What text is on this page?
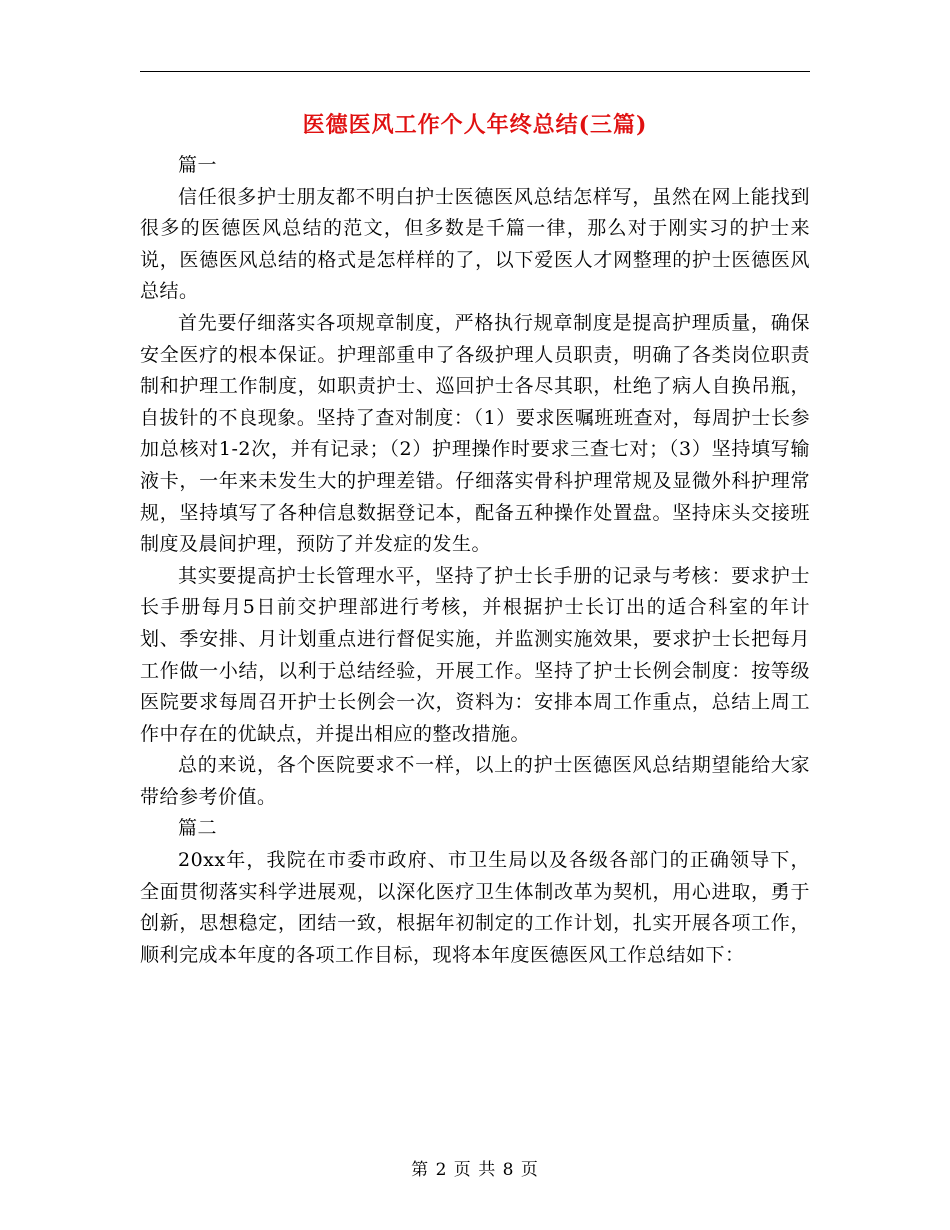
医德医风工作个人年终总结(三篇)

篇一

信任很多护士朋友都不明白护士医德医风总结怎样写，虽然在网上能找到很多的医德医风总结的范文，但多数是千篇一律，那么对于刚实习的护士来说，医德医风总结的格式是怎样样的了，以下爱医人才网整理的护士医德医风总结。

首先要仔细落实各项规章制度，严格执行规章制度是提高护理质量，确保安全医疗的根本保证。护理部重申了各级护理人员职责，明确了各类岗位职责制和护理工作制度，如职责护士、巡回护士各尽其职，杜绝了病人自换吊瓶，自拔针的不良现象。坚持了查对制度：（1）要求医嘱班班查对，每周护士长参加总核对1-2次，并有记录；（2）护理操作时要求三查七对；（3）坚持填写输液卡，一年来未发生大的护理差错。仔细落实骨科护理常规及显微外科护理常规，坚持填写了各种信息数据登记本，配备五种操作处置盘。坚持床头交接班制度及晨间护理，预防了并发症的发生。

其实要提高护士长管理水平，坚持了护士长手册的记录与考核：要求护士长手册每月5日前交护理部进行考核，并根据护士长订出的适合科室的年计划、季安排、月计划重点进行督促实施，并监测实施效果，要求护士长把每月工作做一小结，以利于总结经验，开展工作。坚持了护士长例会制度：按等级医院要求每周召开护士长例会一次，资料为：安排本周工作重点，总结上周工作中存在的优缺点，并提出相应的整改措施。

总的来说，各个医院要求不一样，以上的护士医德医风总结期望能给大家带给参考价值。

篇二

20xx年，我院在市委市政府、市卫生局以及各级各部门的正确领导下，全面贯彻落实科学进展观，以深化医疗卫生体制改革为契机，用心进取，勇于创新，思想稳定，团结一致，根据年初制定的工作计划，扎实开展各项工作，顺利完成本年度的各项工作目标，现将本年度医德医风工作总结如下：

第 2 页 共 8 页
